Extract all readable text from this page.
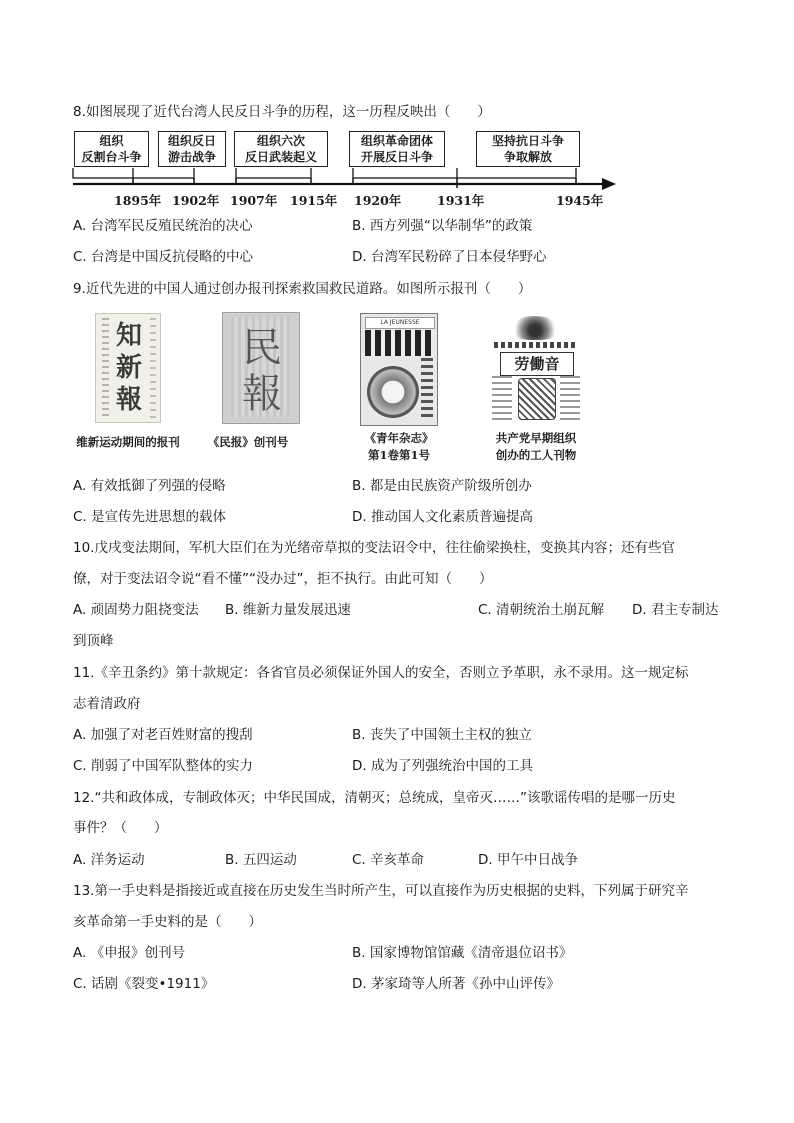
8.如图展现了近代台湾人民反日斗争的历程，这一历程反映出（　　）
组织
反割台斗争
组织反日
游击战争
组织六次
反日武装起义
组织革命团体
开展反日斗争
坚持抗日斗争
争取解放
1895年 1902年 1907年 1915年 1920年	1931年	1945年
A. 台湾军民反殖民统治的决心	B. 西方列强“以华制华”的政策
C. 台湾是中国反抗侵略的中心	D. 台湾军民粉碎了日本侵华野心
9.近代先进的中国人通过创办报刊探索救国救民道路。如图所示报刊（　　）
知新報
民報
LA JEUNESSE
劳働音
维新运动期间的报刊	《民报》创刊号	《青年杂志》
第1卷第1号
共产党早期组织
创办的工人刊物
A. 有效抵御了列强的侵略	B. 都是由民族资产阶级所创办
C. 是宣传先进思想的载体	D. 推动国人文化素质普遍提高
10.戊戌变法期间，军机大臣们在为光绪帝草拟的变法诏令中，往往偷梁换柱，变换其内容；还有些官
僚，对于变法诏令说“看不懂”“没办过”，拒不执行。由此可知（　　）
A. 顽固势力阻挠变法 B. 维新力量发展迅速	C. 清朝统治土崩瓦解 D. 君主专制达
到顶峰
11.《辛丑条约》第十款规定：各省官员必须保证外国人的安全，否则立予革职，永不录用。这一规定标
志着清政府
A. 加强了对老百姓财富的搜刮	B. 丧失了中国领土主权的独立
C. 削弱了中国军队整体的实力	D. 成为了列强统治中国的工具
12.“共和政体成，专制政体灭；中华民国成，清朝灭；总统成，皇帝灭……”该歌谣传唱的是哪一历史
事件？（　　）
A. 洋务运动	B. 五四运动	C. 辛亥革命	D. 甲午中日战争
13.第一手史料是指接近或直接在历史发生当时所产生，可以直接作为历史根据的史料，下列属于研究辛
亥革命第一手史料的是（　　）
A. 《申报》创刊号	B. 国家博物馆馆藏《清帝退位诏书》
C. 话剧《裂变•1911》	D. 茅家琦等人所著《孙中山评传》
